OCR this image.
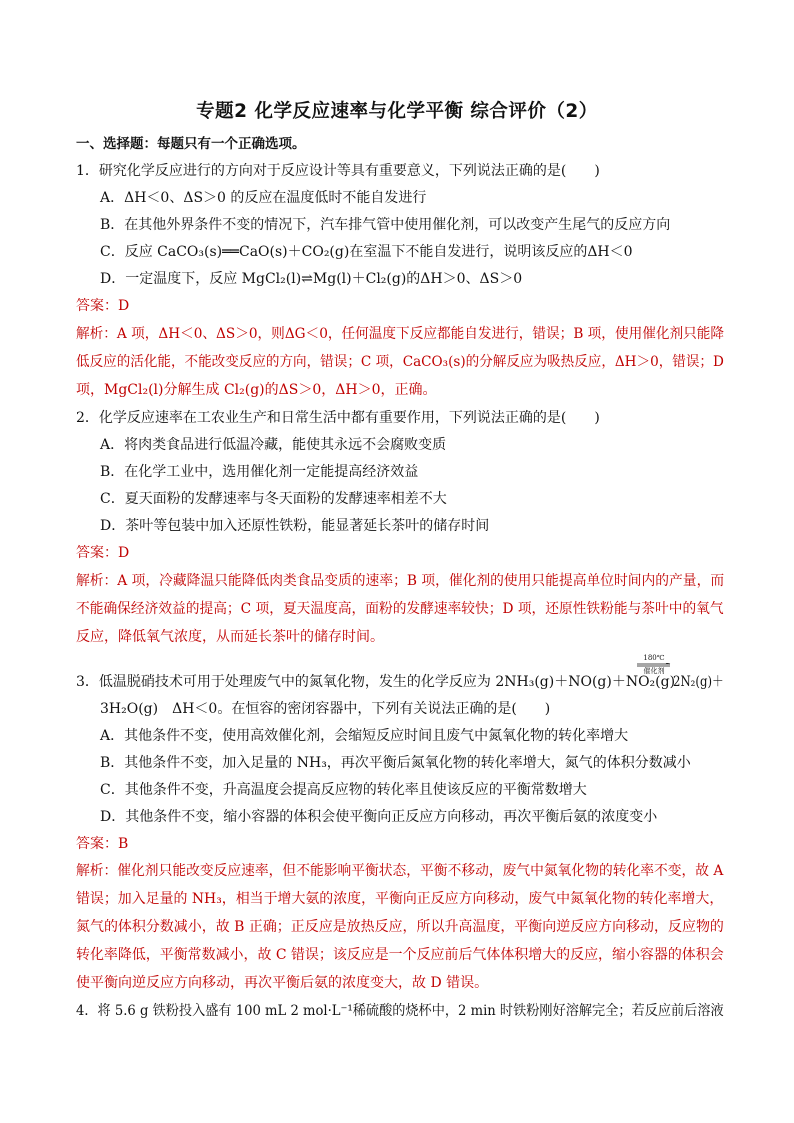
专题2 化学反应速率与化学平衡 综合评价（2）
一、选择题：每题只有一个正确选项。
1．研究化学反应进行的方向对于反应设计等具有重要意义，下列说法正确的是(　　)
A．ΔH＜0、ΔS＞0 的反应在温度低时不能自发进行
B．在其他外界条件不变的情况下，汽车排气管中使用催化剂，可以改变产生尾气的反应方向
C．反应 CaCO₃(s)══CaO(s)＋CO₂(g)在室温下不能自发进行，说明该反应的ΔH＜0
D．一定温度下，反应 MgCl₂(l)⇌Mg(l)＋Cl₂(g)的ΔH＞0、ΔS＞0
答案：D
解析：A 项，ΔH＜0、ΔS＞0，则ΔG＜0，任何温度下反应都能自发进行，错误；B 项，使用催化剂只能降
低反应的活化能，不能改变反应的方向，错误；C 项，CaCO₃(s)的分解反应为吸热反应，ΔH＞0，错误；D
项，MgCl₂(l)分解生成 Cl₂(g)的ΔS＞0，ΔH＞0，正确。
2．化学反应速率在工农业生产和日常生活中都有重要作用，下列说法正确的是(　　)
A．将肉类食品进行低温冷藏，能使其永远不会腐败变质
B．在化学工业中，选用催化剂一定能提高经济效益
C．夏天面粉的发酵速率与冬天面粉的发酵速率相差不大
D．茶叶等包装中加入还原性铁粉，能显著延长茶叶的储存时间
答案：D
解析：A 项，冷藏降温只能降低肉类食品变质的速率；B 项，催化剂的使用只能提高单位时间内的产量，而
不能确保经济效益的提高；C 项，夏天温度高，面粉的发酵速率较快；D 项，还原性铁粉能与茶叶中的氧气
反应，降低氧气浓度，从而延长茶叶的储存时间。
3．低温脱硝技术可用于处理废气中的氮氧化物，发生的化学反应为 2NH₃(g)＋NO(g)＋NO₂(g)
180℃
催化剂
2N₂(g)＋
3H₂O(g)　ΔH＜0。在恒容的密闭容器中，下列有关说法正确的是(　　)
A．其他条件不变，使用高效催化剂，会缩短反应时间且废气中氮氧化物的转化率增大
B．其他条件不变，加入足量的 NH₃，再次平衡后氮氧化物的转化率增大，氮气的体积分数减小
C．其他条件不变，升高温度会提高反应物的转化率且使该反应的平衡常数增大
D．其他条件不变，缩小容器的体积会使平衡向正反应方向移动，再次平衡后氨的浓度变小
答案：B
解析：催化剂只能改变反应速率，但不能影响平衡状态，平衡不移动，废气中氮氧化物的转化率不变，故 A
错误；加入足量的 NH₃，相当于增大氨的浓度，平衡向正反应方向移动，废气中氮氧化物的转化率增大，
氮气的体积分数减小，故 B 正确；正反应是放热反应，所以升高温度，平衡向逆反应方向移动，反应物的
转化率降低，平衡常数减小，故 C 错误；该反应是一个反应前后气体体积增大的反应，缩小容器的体积会
使平衡向逆反应方向移动，再次平衡后氨的浓度变大，故 D 错误。
4．将 5.6 g 铁粉投入盛有 100 mL 2 mol·L⁻¹稀硫酸的烧杯中，2 min 时铁粉刚好溶解完全；若反应前后溶液
